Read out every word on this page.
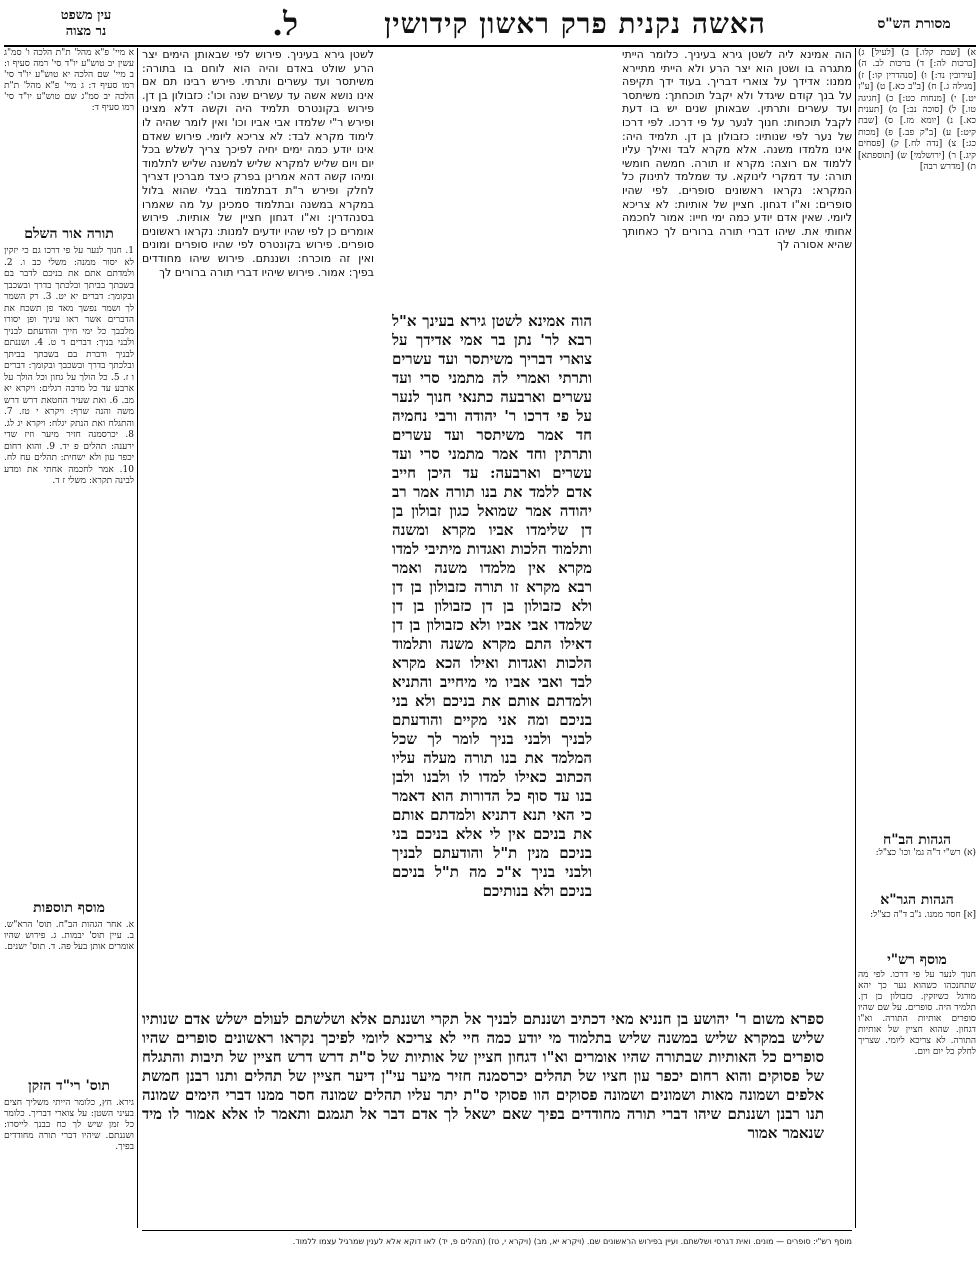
מסורת הש"ס
האשה נקנית פרק ראשון קידושין
ל.
עין משפט
נר מצוה

א) [שבת קלו.] ב) [לעיל] ג) [ברכות לה:] ד) ברכות לב. ה) [עירובין נד:] ו) [סנהדרין קו:] ז) [מגילה ג.] ח) [ב"ב כא.] ט) [ע"ז יט.] י) [מנחות כט:] כ) [חגיגה טו.] ל) [סוכה נב:] מ) [תענית כא.] נ) [יומא מז.] ס) [שבת קיט:] ע) [ב"ק פב.] פ) [מכות כג:] צ) [נדה לח.] ק) [פסחים קיג.] ר) [ירושלמי] ש) [תוספתא] ת) [מדרש רבה]

הגהות הב"ח

(א) רש"י ד"ה גמ' וכו' כצ"ל:

הגהות הגר"א

[א] חסר ממנו. נ"ב ד"ה כצ"ל:

מוסף רש"י

חנוך לנער על פי דרכו. לפי מה שתחנכהו כשהוא נער כך יהא מורגל כשיזקין. כזבולון בן דן. תלמיד היה. סופרים. על שם שהיו סופרים אותיות התורה. וא"ו דגחון. שהוא חציין של אותיות התורה. לא צריכא ליומי. שצריך לחלק כל יום ויום.

הוה אמינא ליה לשטן גירא בעיניך. כלומר הייתי מתגרה בו ושטן הוא יצר הרע ולא הייתי מתיירא ממנו: אדידך על צוארי דבריך. בעוד ידך תקיפה על בנך קודם שיגדל ולא יקבל תוכחתך: משיתסר ועד עשרים ותרתין. שבאותן שנים יש בו דעת לקבל תוכחות: חנוך לנער על פי דרכו. לפי דרכו של נער לפי שנותיו: כזבולון בן דן. תלמיד היה: אינו מלמדו משנה. אלא מקרא לבד ואילך עליו ללמוד אם רוצה: מקרא זו תורה. חמשה חומשי תורה: עד דמקרי לינוקא. עד שמלמד לתינוק כל המקרא: נקראו ראשונים סופרים. לפי שהיו סופרים: וא"ו דגחון. חציין של אותיות: לא צריכא ליומי. שאין אדם יודע כמה ימי חייו: אמור לחכמה אחותי את. שיהו דברי תורה ברורים לך כאחותך שהיא אסורה לך

הוה אמינא לשטן גירא בעינך א"ל רבא לר' נתן בר אמי אדידך על צוארי דבריך משיתסר ועד עשרים ותרתי ואמרי לה מתמני סרי ועד עשרים וארבעה כתנאי חנוך לנער על פי דרכו ר' יהודה ורבי נחמיה חד אמר משיתסר ועד עשרים ותרתין וחד אמר מתמני סרי ועד עשרים וארבעה: עד היכן חייב אדם ללמד את בנו תורה אמר רב יהודה אמר שמואל כגון זבולון בן דן שלימדו אביו מקרא ומשנה ותלמוד הלכות ואגדות מיתיבי למדו מקרא אין מלמדו משנה ואמר רבא מקרא זו תורה כזבולון בן דן ולא כזבולון בן דן כזבולון בן דן שלמדו אבי אביו ולא כזבולון בן דן דאילו התם מקרא משנה ותלמוד הלכות ואגדות ואילו הכא מקרא לבד ואבי אביו מי מיחייב והתניא ולמדתם אותם את בניכם ולא בני בניכם ומה אני מקיים והודעתם לבניך ולבני בניך לומר לך שכל המלמד את בנו תורה מעלה עליו הכתוב כאילו למדו לו ולבנו ולבן בנו עד סוף כל הדורות הוא דאמר כי האי תנא דתניא ולמדתם אותם את בניכם אין לי אלא בניכם בני בניכם מנין ת"ל והודעתם לבניך ולבני בניך א"כ מה ת"ל בניכם בניכם ולא בנותיכם

לשטן גירא בעיניך. פירוש לפי שבאותן הימים יצר הרע שולט באדם והיה הוא לוחם בו בתורה: משיתסר ועד עשרים ותרתי. פירש רבינו תם אם אינו נושא אשה עד עשרים שנה וכו': כזבולון בן דן. פירוש בקונטרס תלמיד היה וקשה דלא מצינו ופירש ר"י שלמדו אבי אביו וכו' ואין לומר שהיה לו לימוד מקרא לבד: לא צריכא ליומי. פירוש שאדם אינו יודע כמה ימים יחיה לפיכך צריך לשלש בכל יום ויום שליש למקרא שליש למשנה שליש לתלמוד ומיהו קשה דהא אמרינן בפרק כיצד מברכין דצריך לחלק ופירש ר"ת דבתלמוד בבלי שהוא בלול במקרא במשנה ובתלמוד סמכינן על מה שאמרו בסנהדרין: וא"ו דגחון חציין של אותיות. פירוש אומרים כן לפי שהיו יודעים למנות: נקראו ראשונים סופרים. פירוש בקונטרס לפי שהיו סופרים ומונים ואין זה מוכרח: ושננתם. פירוש שיהו מחודדים בפיך: אמור. פירוש שיהיו דברי תורה ברורים לך

ספרא משום ר' יהושע בן חנניא מאי דכתיב ושננתם לבניך אל תקרי ושננתם אלא ושלשתם לעולם ישלש אדם שנותיו שליש במקרא שליש במשנה שליש בתלמוד מי יודע כמה חיי לא צריכא ליומי לפיכך נקראו ראשונים סופרים שהיו סופרים כל האותיות שבתורה שהיו אומרים וא"ו דגחון חציין של אותיות של ס"ת דרש דרש חציין של תיבות והתגלח של פסוקים והוא רחום יכפר עון חציו של תהלים יכרסמנה חזיר מיער עי"ן דיער חציין של תהלים ותנו רבנן חמשת אלפים ושמונה מאות ושמונים ושמונה פסוקים הוו פסוקי ס"ת יתר עליו תהלים שמונה חסר ממנו דברי הימים שמונה תנו רבנן ושננתם שיהו דברי תורה מחודדים בפיך שאם ישאל לך אדם דבר אל תגמגם ותאמר לו אלא אמור לו מיד שנאמר אמור

א מיי' פ"א מהל' ת"ת הלכה ו' סמ"ג עשין יב טוש"ע יו"ד סי' רמה סעיף ו: ב מיי' שם הלכה יא טוש"ע יו"ד סי' רמו סעיף ד: ג מיי' פ"א מהל' ת"ת הלכה יב סמ"ג שם טוש"ע יו"ד סי' רמו סעיף ד:

תורה אור השלם

1. חנוך לנער על פי דרכו גם כי יזקין לא יסור ממנה: משלי כב ו. 2. ולמדתם אתם את בניכם לדבר בם בשבתך בביתך ובלכתך בדרך ובשכבך ובקומך: דברים יא יט. 3. רק השמר לך ושמר נפשך מאד פן תשכח את הדברים אשר ראו עיניך ופן יסורו מלבבך כל ימי חייך והודעתם לבניך ולבני בניך: דברים ד ט. 4. ושננתם לבניך ודברת בם בשבתך בביתך ובלכתך בדרך ובשכבך ובקומך: דברים ו ז. 5. כל הולך על גחון וכל הולך על ארבע עד כל מרבה רגלים: ויקרא יא מב. 6. ואת שעיר החטאת דרש דרש משה והנה שרף: ויקרא י טז. 7. והתגלח ואת הנתק יגלח: ויקרא יג לג. 8. יכרסמנה חזיר מיער וזיז שדי ירענה: תהלים פ יד. 9. והוא רחום יכפר עון ולא ישחית: תהלים עח לח. 10. אמר לחכמה אחתי את ומדע לבינה תקרא: משלי ז ד.

מוסף תוספות

א. אחר הגהות הב"ח. תוס' הרא"ש. ב. עיין תוס' יבמות. ג. פירוש שהיו אומרים אותן בעל פה. ד. תוס' ישנים.

תוס' רי"ד הזקן

גירא. חץ, כלומר הייתי משליך חצים בעיני השטן: על צוארי דבריך. כלומר כל זמן שיש לך כח בבנך לייסרו: ושננתם. שיהיו דברי תורה מחודדים בפיך.

מוסף רש"י: סופרים — מונים. ואית דגרסי ושלשתם. ועיין בפירוש הראשונים שם. (ויקרא יא, מב) (ויקרא י, טז) (תהלים פ, יד) לאו דוקא אלא לענין שמרגיל עצמו ללמוד.
